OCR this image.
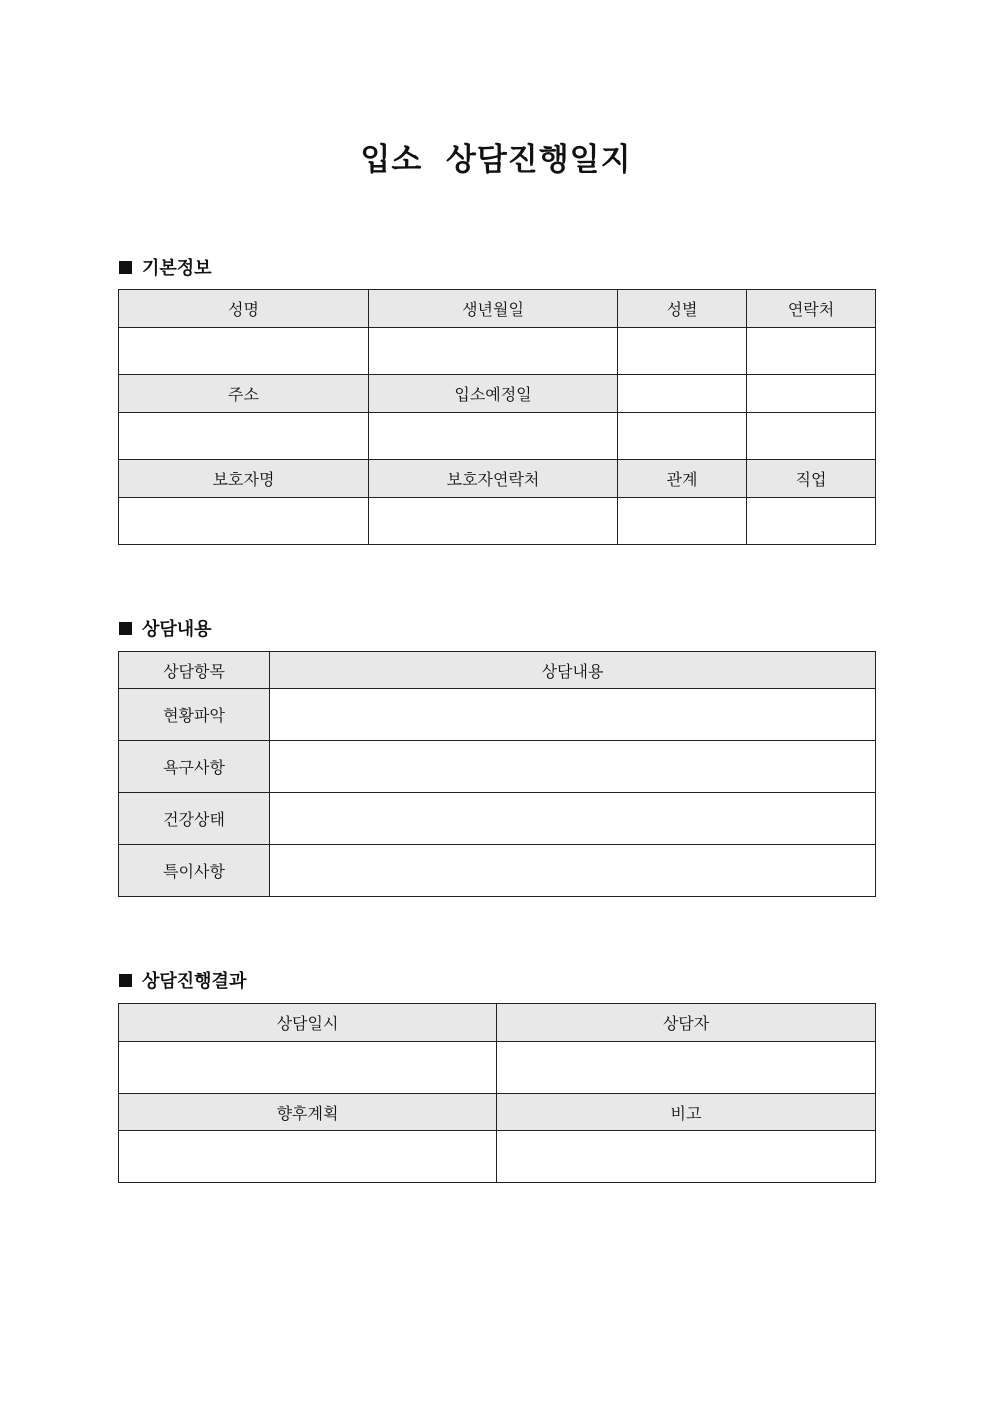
입소  상담진행일지
기본정보
성명	생년월일	성별	연락처

주소	입소예정일		

보호자명	보호자연락처	관계	직업

상담내용
상담항목	상담내용
현황파악	
욕구사항	
건강상태	
특이사항	
상담진행결과
상담일시	상담자

향후계획	비고
